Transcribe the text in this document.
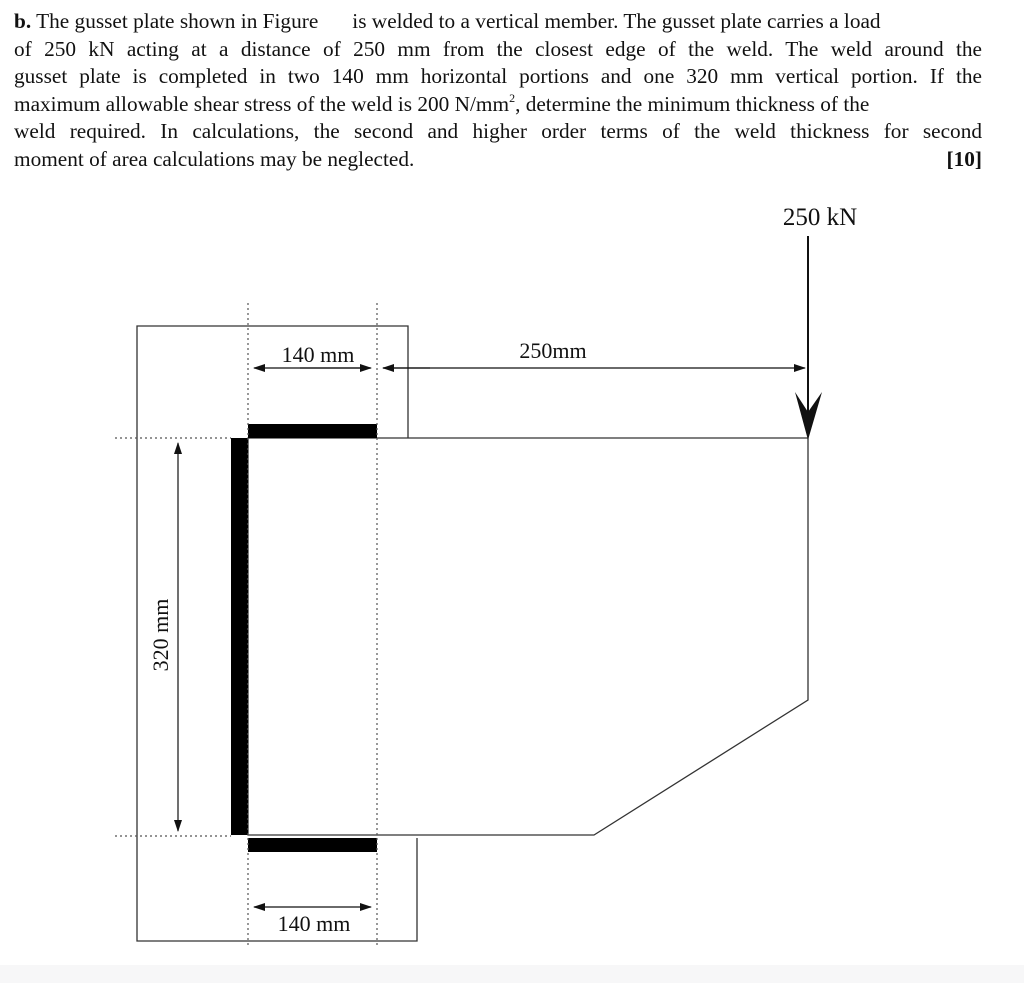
b. The gusset plate shown in Figure is welded to a vertical member. The gusset plate carries a load
of 250 kN acting at a distance of 250 mm from the closest edge of the weld. The weld around the
gusset plate is completed in two 140 mm horizontal portions and one 320 mm vertical portion. If the
maximum allowable shear stress of the weld is 200 $N/mm^2$, determine the minimum thickness of the
weld required. In calculations, the second and higher order terms of the weld thickness for second
moment of area calculations may be neglected.	[10]
140 mm	250mm
320 mm
140 mm
250 kN
